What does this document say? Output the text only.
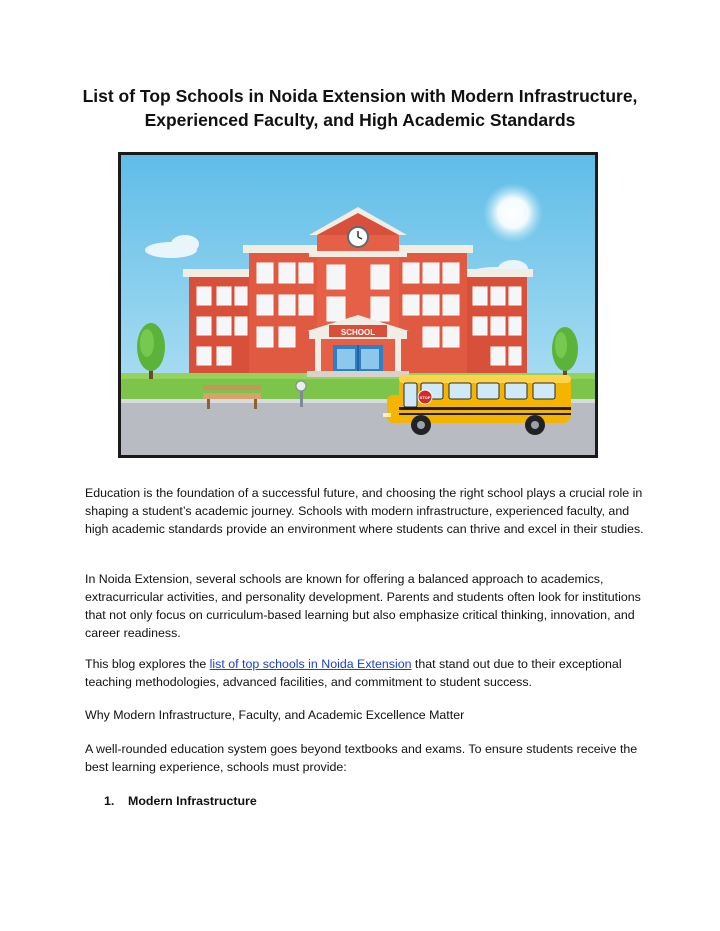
List of Top Schools in Noida Extension with Modern Infrastructure,
Experienced Faculty, and High Academic Standards
SCHOOL
STOP

Education is the foundation of a successful future, and choosing the right school plays a crucial role in shaping a student’s academic journey. Schools with modern infrastructure, experienced faculty, and high academic standards provide an environment where students can thrive and excel in their studies.

In Noida Extension, several schools are known for offering a balanced approach to academics, extracurricular activities, and personality development. Parents and students often look for institutions that not only focus on curriculum-based learning but also emphasize critical thinking, innovation, and career readiness.

This blog explores the list of top schools in Noida Extension that stand out due to their exceptional teaching methodologies, advanced facilities, and commitment to student success.

Why Modern Infrastructure, Faculty, and Academic Excellence Matter

A well-rounded education system goes beyond textbooks and exams. To ensure students receive the best learning experience, schools must provide:

1. Modern Infrastructure
